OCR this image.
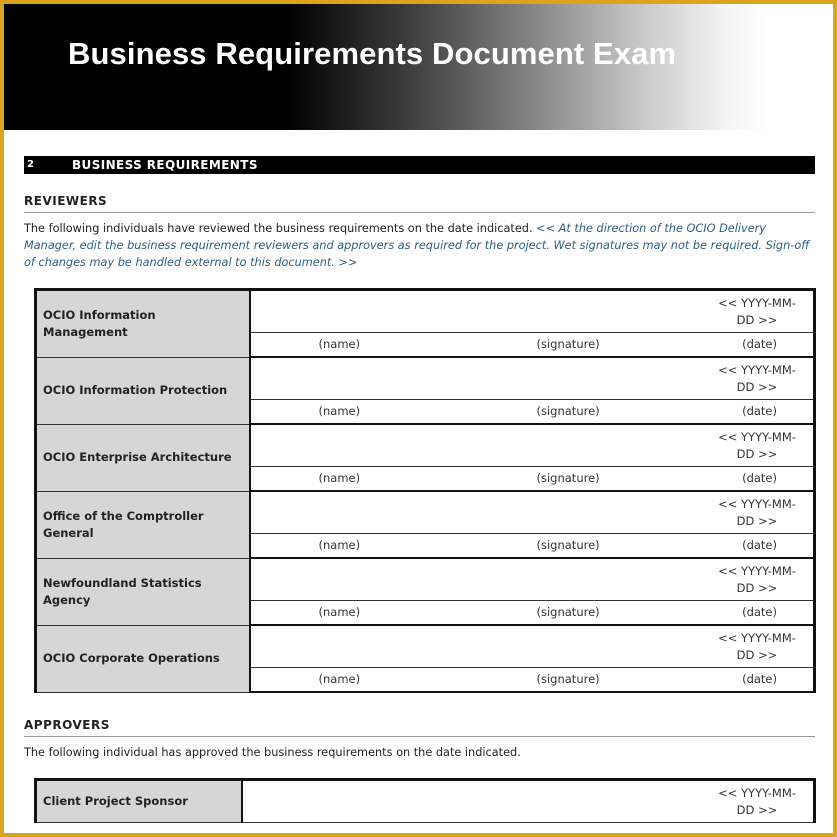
Business Requirements Document Exam
2	BUSINESS REQUIREMENTS
REVIEWERS
The following individuals have reviewed the business requirements on the date indicated. << At the direction of the OCIO Delivery Manager, edit the business requirement reviewers and approvers as required for the project. Wet signatures may not be required. Sign-off of changes may be handled external to this document. >>
OCIO Information Management	<< YYYY-MM-DD >>

	(name) (signature) (date)

OCIO Information Protection	<< YYYY-MM-DD >>

	(name) (signature) (date)

OCIO Enterprise Architecture	<< YYYY-MM-DD >>

	(name) (signature) (date)

Office of the Comptroller General	<< YYYY-MM-DD >>

	(name) (signature) (date)

Newfoundland Statistics Agency	<< YYYY-MM-DD >>

	(name) (signature) (date)

OCIO Corporate Operations	<< YYYY-MM-DD >>

	(name) (signature) (date)
APPROVERS
The following individual has approved the business requirements on the date indicated.
Client Project Sponsor	
<< YYYY-MM-DD >>
